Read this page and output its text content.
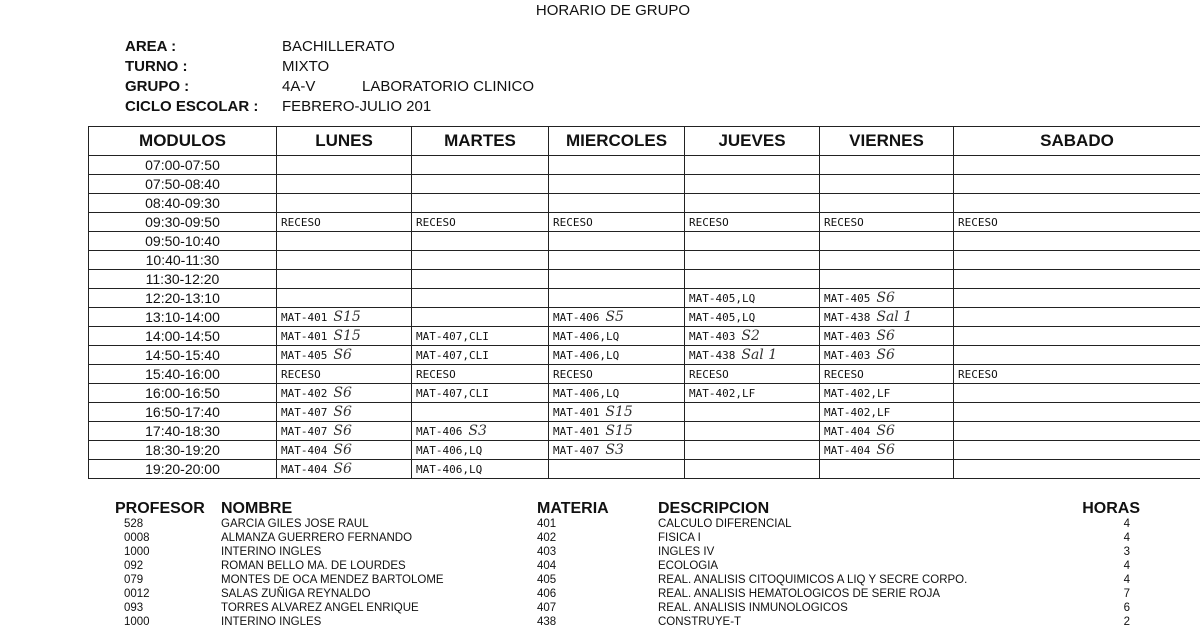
HORARIO DE GRUPO
AREA :	BACHILLERATO
TURNO :	MIXTO
GRUPO :	4A-V	LABORATORIO CLINICO
CICLO ESCOLAR :	FEBRERO-JULIO 201
MODULOS	LUNES	MARTES	MIERCOLES	JUEVES	VIERNES	SABADO
07:00-07:50						
07:50-08:40						
08:40-09:30						
09:30-09:50	RECESO	RECESO	RECESO	RECESO	RECESO	RECESO
09:50-10:40						
10:40-11:30						
11:30-12:20						
12:20-13:10				MAT-405,LQ	MAT-405 S6	
13:10-14:00	MAT-401 S15		MAT-406 S5	MAT-405,LQ	MAT-438 Sal 1	
14:00-14:50	MAT-401 S15	MAT-407,CLI	MAT-406,LQ	MAT-403 S2	MAT-403 S6	
14:50-15:40	MAT-405 S6	MAT-407,CLI	MAT-406,LQ	MAT-438 Sal 1	MAT-403 S6	
15:40-16:00	RECESO	RECESO	RECESO	RECESO	RECESO	RECESO
16:00-16:50	MAT-402 S6	MAT-407,CLI	MAT-406,LQ	MAT-402,LF	MAT-402,LF	
16:50-17:40	MAT-407 S6		MAT-401 S15		MAT-402,LF	
17:40-18:30	MAT-407 S6	MAT-406 S3	MAT-401 S15		MAT-404 S6	
18:30-19:20	MAT-404 S6	MAT-406,LQ	MAT-407 S3		MAT-404 S6	
19:20-20:00	MAT-404 S6	MAT-406,LQ				
PROFESOR NOMBRE	MATERIA	DESCRIPCION	HORAS
528	GARCIA GILES JOSE RAUL	401	CALCULO DIFERENCIAL	4
0008	ALMANZA GUERRERO FERNANDO	402	FISICA I	4
1000	INTERINO INGLES	403	INGLES IV	3
092	ROMAN BELLO MA. DE LOURDES	404	ECOLOGIA	4
079	MONTES DE OCA MENDEZ BARTOLOME	405	REAL. ANALISIS CITOQUIMICOS A LIQ Y SECRE CORPO.	4
0012	SALAS ZUÑIGA REYNALDO	406	REAL. ANALISIS HEMATOLOGICOS DE SERIE ROJA	7
093	TORRES ALVAREZ ANGEL ENRIQUE	407	REAL. ANALISIS INMUNOLOGICOS	6
1000	INTERINO INGLES	438	CONSTRUYE-T	2
